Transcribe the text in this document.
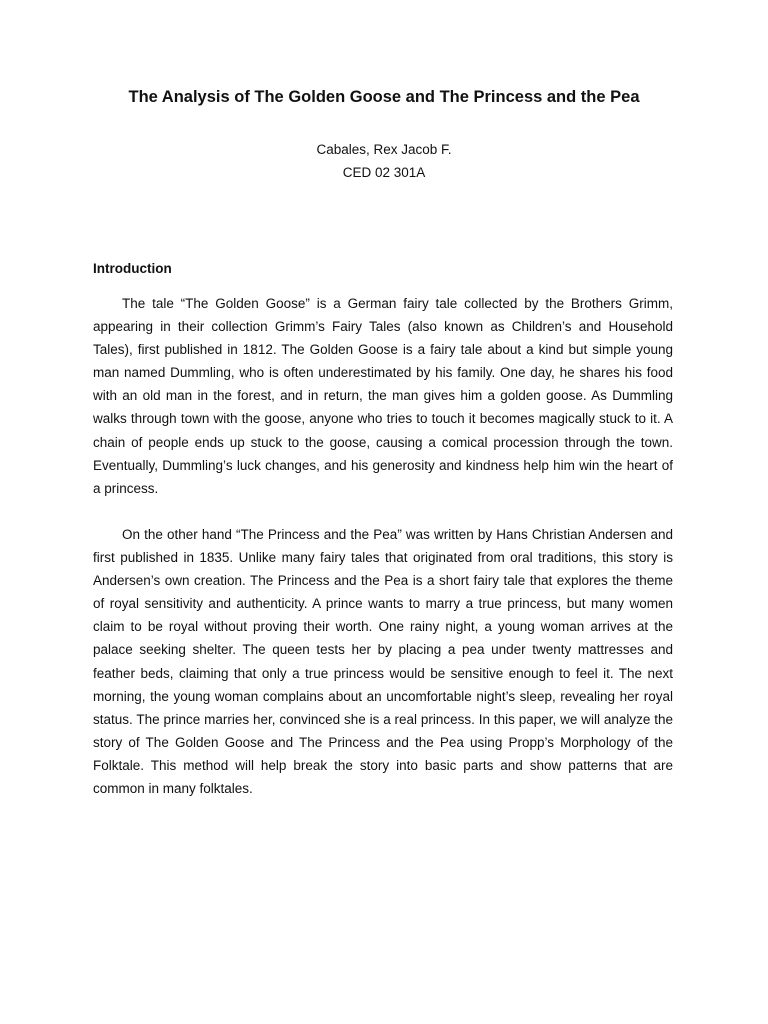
The Analysis of The Golden Goose and The Princess and the Pea
Cabales, Rex Jacob F.
CED 02 301A
Introduction

The tale “The Golden Goose” is a German fairy tale collected by the Brothers Grimm, appearing in their collection Grimm’s Fairy Tales (also known as Children’s and Household Tales), first published in 1812. The Golden Goose is a fairy tale about a kind but simple young man named Dummling, who is often underestimated by his family. One day, he shares his food with an old man in the forest, and in return, the man gives him a golden goose. As Dummling walks through town with the goose, anyone who tries to touch it becomes magically stuck to it. A chain of people ends up stuck to the goose, causing a comical procession through the town. Eventually, Dummling’s luck changes, and his generosity and kindness help him win the heart of a princess.

On the other hand “The Princess and the Pea” was written by Hans Christian Andersen and first published in 1835. Unlike many fairy tales that originated from oral traditions, this story is Andersen’s own creation. The Princess and the Pea is a short fairy tale that explores the theme of royal sensitivity and authenticity. A prince wants to marry a true princess, but many women claim to be royal without proving their worth. One rainy night, a young woman arrives at the palace seeking shelter. The queen tests her by placing a pea under twenty mattresses and feather beds, claiming that only a true princess would be sensitive enough to feel it. The next morning, the young woman complains about an uncomfortable night’s sleep, revealing her royal status. The prince marries her, convinced she is a real princess. In this paper, we will analyze the story of The Golden Goose and The Princess and the Pea using Propp’s Morphology of the Folktale. This method will help break the story into basic parts and show patterns that are common in many folktales.
